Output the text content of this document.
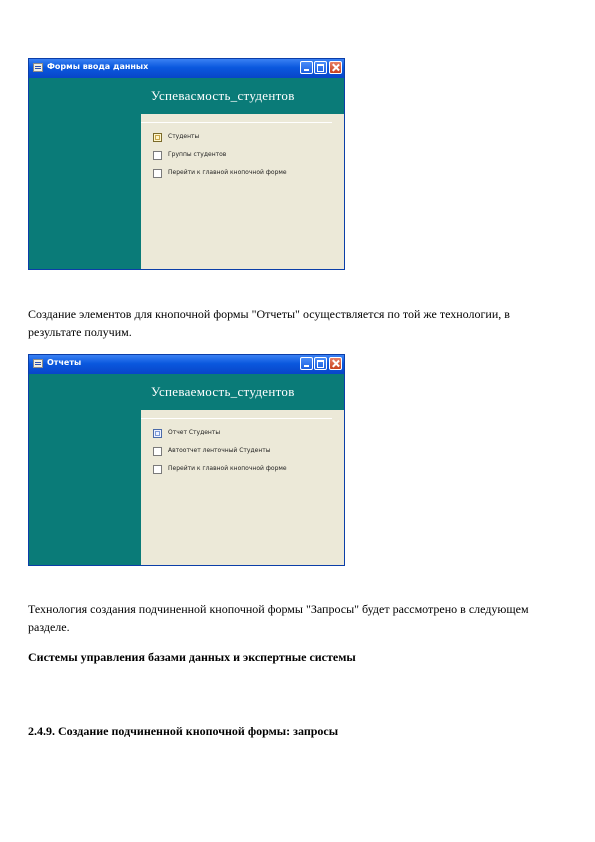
Формы ввода данных
Успевасмость_студентов
Студенты
Группы студентов
Перейти к главной кнопочной форме
Создание элементов для кнопочной формы "Отчеты" осуществляется по той же технологии, в результате получим.
Отчеты
Успеваемость_студентов
Отчет Студенты
Автоотчет ленточный Студенты
Перейти к главной кнопочной форме
Технология создания подчиненной кнопочной формы "Запросы" будет рассмотрено в следующем разделе.
Системы управления базами данных и экспертные системы
2.4.9. Создание подчиненной кнопочной формы: запросы
